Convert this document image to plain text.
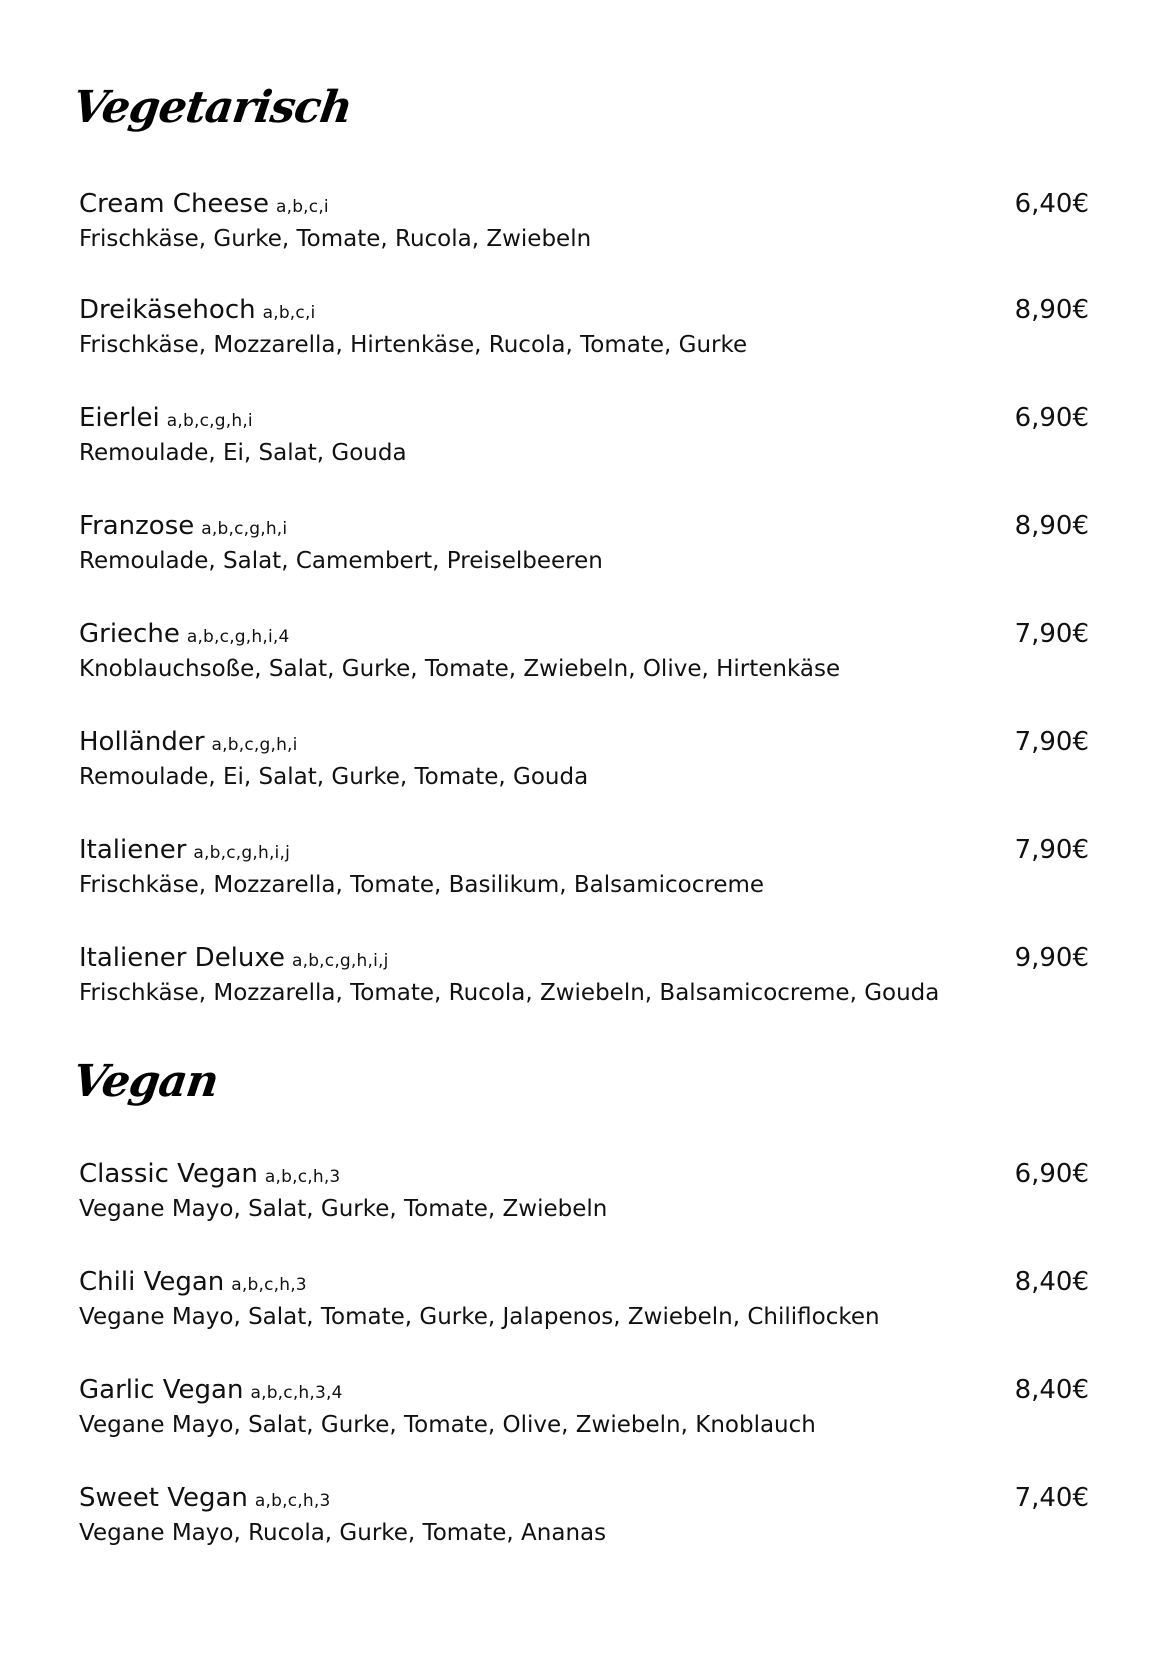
Vegetarisch
Cream Cheese a,b,c,i	6,40€
Frischkäse, Gurke, Tomate, Rucola, Zwiebeln
Dreikäsehoch a,b,c,i	8,90€
Frischkäse, Mozzarella, Hirtenkäse, Rucola, Tomate, Gurke
Eierlei a,b,c,g,h,i	6,90€
Remoulade, Ei, Salat, Gouda
Franzose a,b,c,g,h,i	8,90€
Remoulade, Salat, Camembert, Preiselbeeren
Grieche a,b,c,g,h,i,4	7,90€
Knoblauchsoße, Salat, Gurke, Tomate, Zwiebeln, Olive, Hirtenkäse
Holländer a,b,c,g,h,i	7,90€
Remoulade, Ei, Salat, Gurke, Tomate, Gouda
Italiener a,b,c,g,h,i,j	7,90€
Frischkäse, Mozzarella, Tomate, Basilikum, Balsamicocreme
Italiener Deluxe a,b,c,g,h,i,j	9,90€
Frischkäse, Mozzarella, Tomate, Rucola, Zwiebeln, Balsamicocreme, Gouda
Vegan
Classic Vegan a,b,c,h,3	6,90€
Vegane Mayo, Salat, Gurke, Tomate, Zwiebeln
Chili Vegan a,b,c,h,3	8,40€
Vegane Mayo, Salat, Tomate, Gurke, Jalapenos, Zwiebeln, Chiliflocken
Garlic Vegan a,b,c,h,3,4	8,40€
Vegane Mayo, Salat, Gurke, Tomate, Olive, Zwiebeln, Knoblauch
Sweet Vegan a,b,c,h,3	7,40€
Vegane Mayo, Rucola, Gurke, Tomate, Ananas
